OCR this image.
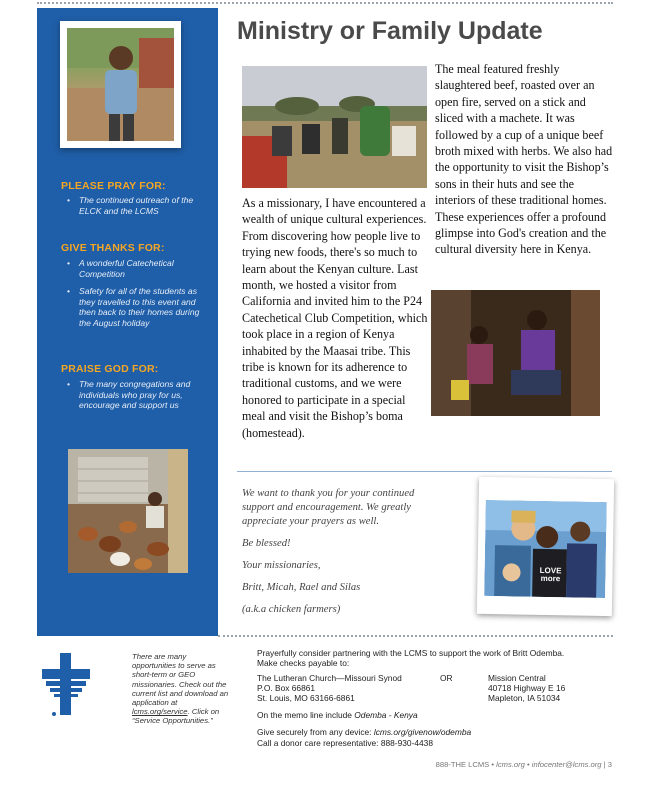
PLEASE PRAY FOR:
• The continued outreach of the ELCK and the LCMS
GIVE THANKS FOR:
• A wonderful Catechetical Competition
• Safety for all of the students as they travelled to this event and then back to their homes during the August holiday
PRAISE GOD FOR:
• The many congregations and individuals who pray for us, encourage and support us
Ministry or Family Update
As a missionary, I have encountered a wealth of unique cultural experiences. From discovering how people live to trying new foods, there's so much to learn about the Kenyan culture. Last month, we hosted a visitor from California and invited him to the P24 Catechetical Club Competition, which took place in a region of Kenya inhabited by the Maasai tribe. This tribe is known for its adherence to traditional customs, and we were honored to participate in a special meal and visit the Bishop’s boma (homestead).
The meal featured freshly slaughtered beef, roasted over an open fire, served on a stick and sliced with a machete. It was followed by a cup of a unique beef broth mixed with herbs. We also had the opportunity to visit the Bishop’s sons in their huts and see the interiors of these traditional homes. These experiences offer a profound glimpse into God's creation and the cultural diversity here in Kenya.

We want to thank you for your continued support and encouragement. We greatly appreciate your prayers as well.

Be blessed!

Your missionaries,

Britt, Micah, Rael and Silas

(a.k.a chicken farmers)

LOVE more
There are many opportunities to serve as short-term or GEO missionaries. Check out the current list and download an application at lcms.org/service. Click on “Service Opportunities.”
Prayerfully consider partnering with the LCMS to support the work of Britt Odemba.
Make checks payable to:
The Lutheran Church—Missouri Synod
P.O. Box 66861
St. Louis, MO 63166-6861
OR	Mission Central
40718 Highway E 16
Mapleton, IA 51034
On the memo line include Odemba - Kenya
Give securely from any device: lcms.org/givenow/odemba
Call a donor care representative: 888-930-4438
888-THE LCMS • lcms.org • infocenter@lcms.org | 3
